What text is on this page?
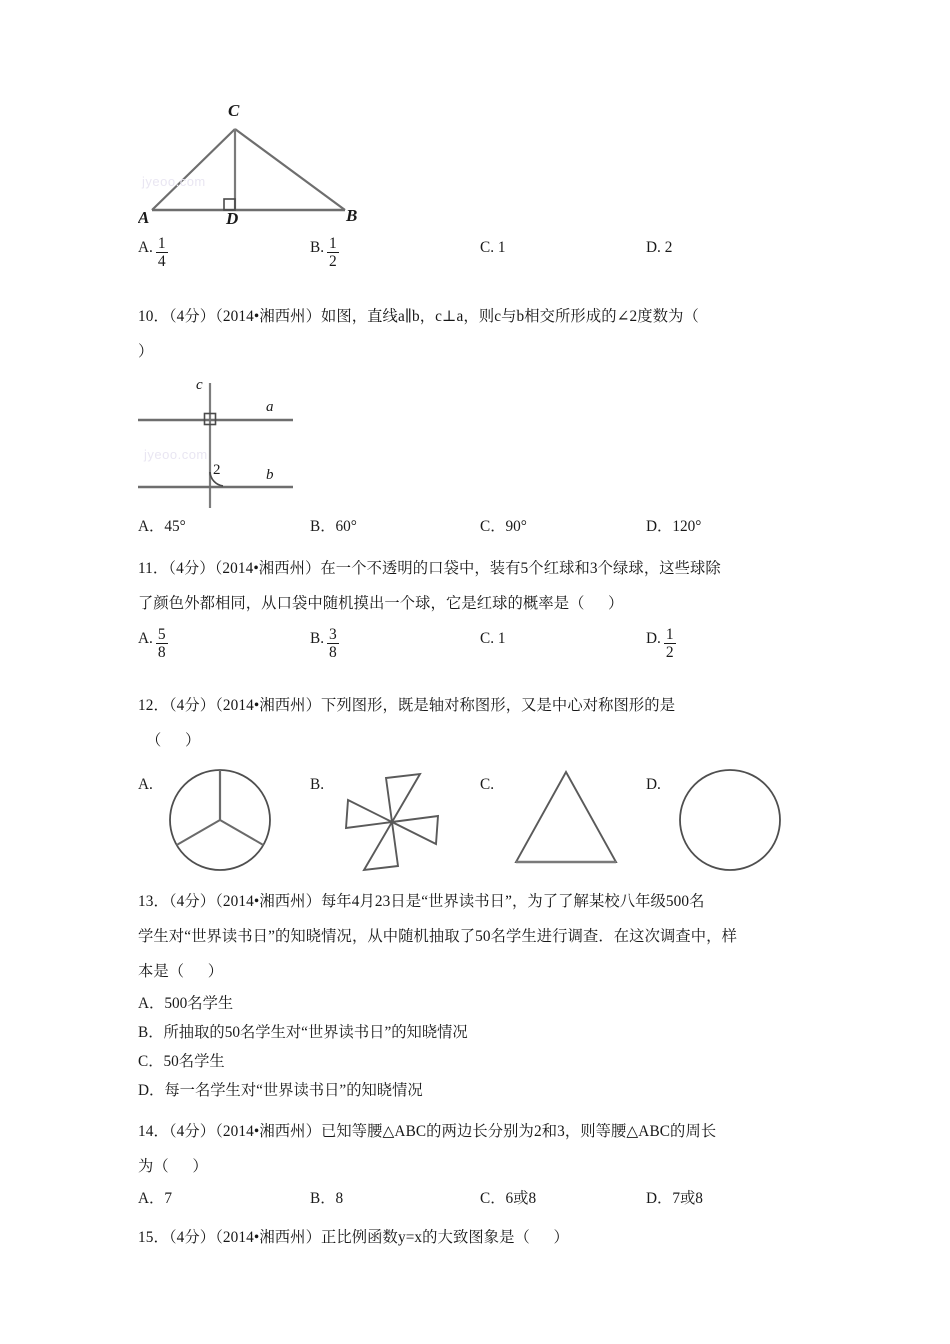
jyeoo.com
C
A	B
D
A. $\frac{1}{4}$	B. $\frac{1}{2}$	C. 1	D. 2
10．（4分）（2014•湘西州）如图，直线a∥b，c⊥a，则c与b相交所形成的∠2度数为（
）
jyeoo.com
c
a
b
2
A．45°	B．60°	C．90°	D．120°
11．（4分）（2014•湘西州）在一个不透明的口袋中，装有5个红球和3个绿球，这些球除
了颜色外都相同，从口袋中随机摸出一个球，它是红球的概率是（      ）
A. $\frac{5}{8}$	B. $\frac{3}{8}$	C. 1	D. $\frac{1}{2}$
12．（4分）（2014•湘西州）下列图形，既是轴对称图形，又是中心对称图形的是
（      ）
A.	B.	C.	D.
13．（4分）（2014•湘西州）每年4月23日是“世界读书日”，为了了解某校八年级500名
学生对“世界读书日”的知晓情况，从中随机抽取了50名学生进行调查．在这次调查中，样
本是（      ）
A．500名学生
B．所抽取的50名学生对“世界读书日”的知晓情况
C．50名学生
D．每一名学生对“世界读书日”的知晓情况
14．（4分）（2014•湘西州）已知等腰△ABC的两边长分别为2和3，则等腰△ABC的周长
为（      ）
A．7	B．8	C．6或8	D．7或8
15．（4分）（2014•湘西州）正比例函数y=x的大致图象是（      ）
